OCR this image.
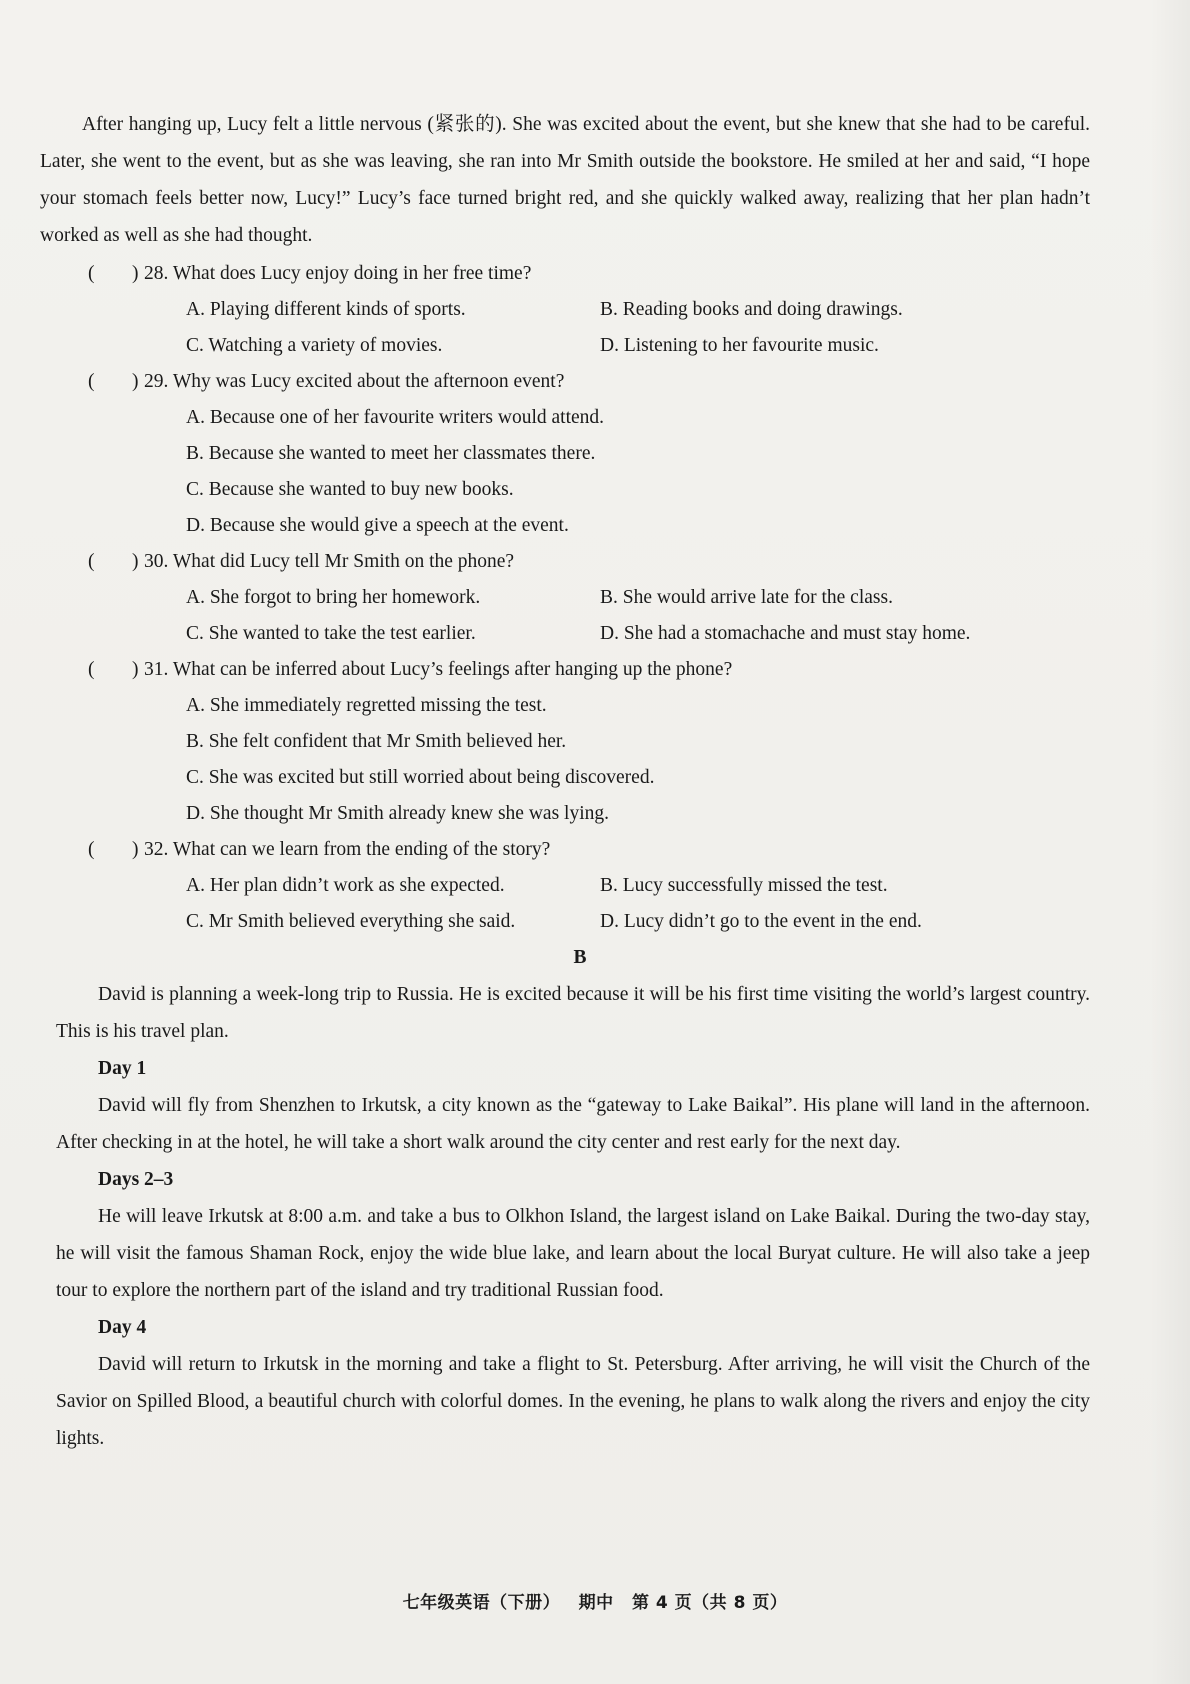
After hanging up, Lucy felt a little nervous (紧张的). She was excited about the event, but she knew that she had to be careful. Later, she went to the event, but as she was leaving, she ran into Mr Smith outside the bookstore. He smiled at her and said, “I hope your stomach feels better now, Lucy!” Lucy’s face turned bright red, and she quickly walked away, realizing that her plan hadn’t worked as well as she had thought.

( ) 28. What does Lucy enjoy doing in her free time?
A. Playing different kinds of sports.	B. Reading books and doing drawings.
C. Watching a variety of movies.	D. Listening to her favourite music.
( ) 29. Why was Lucy excited about the afternoon event?
A. Because one of her favourite writers would attend.
B. Because she wanted to meet her classmates there.
C. Because she wanted to buy new books.
D. Because she would give a speech at the event.
( ) 30. What did Lucy tell Mr Smith on the phone?
A. She forgot to bring her homework.	B. She would arrive late for the class.
C. She wanted to take the test earlier.	D. She had a stomachache and must stay home.
( ) 31. What can be inferred about Lucy’s feelings after hanging up the phone?
A. She immediately regretted missing the test.
B. She felt confident that Mr Smith believed her.
C. She was excited but still worried about being discovered.
D. She thought Mr Smith already knew she was lying.
( ) 32. What can we learn from the ending of the story?
A. Her plan didn’t work as she expected.	B. Lucy successfully missed the test.
C. Mr Smith believed everything she said.	D. Lucy didn’t go to the event in the end.
B

David is planning a week-long trip to Russia. He is excited because it will be his first time visiting the world’s largest country. This is his travel plan.

Day 1

David will fly from Shenzhen to Irkutsk, a city known as the “gateway to Lake Baikal”. His plane will land in the afternoon. After checking in at the hotel, he will take a short walk around the city center and rest early for the next day.

Days 2–3

He will leave Irkutsk at 8:00 a.m. and take a bus to Olkhon Island, the largest island on Lake Baikal. During the two-day stay, he will visit the famous Shaman Rock, enjoy the wide blue lake, and learn about the local Buryat culture. He will also take a jeep tour to explore the northern part of the island and try traditional Russian food.

Day 4

David will return to Irkutsk in the morning and take a flight to St. Petersburg. After arriving, he will visit the Church of the Savior on Spilled Blood, a beautiful church with colorful domes. In the evening, he plans to walk along the rivers and enjoy the city lights.

七年级英语（下册） 期中 第 4 页（共 8 页）
